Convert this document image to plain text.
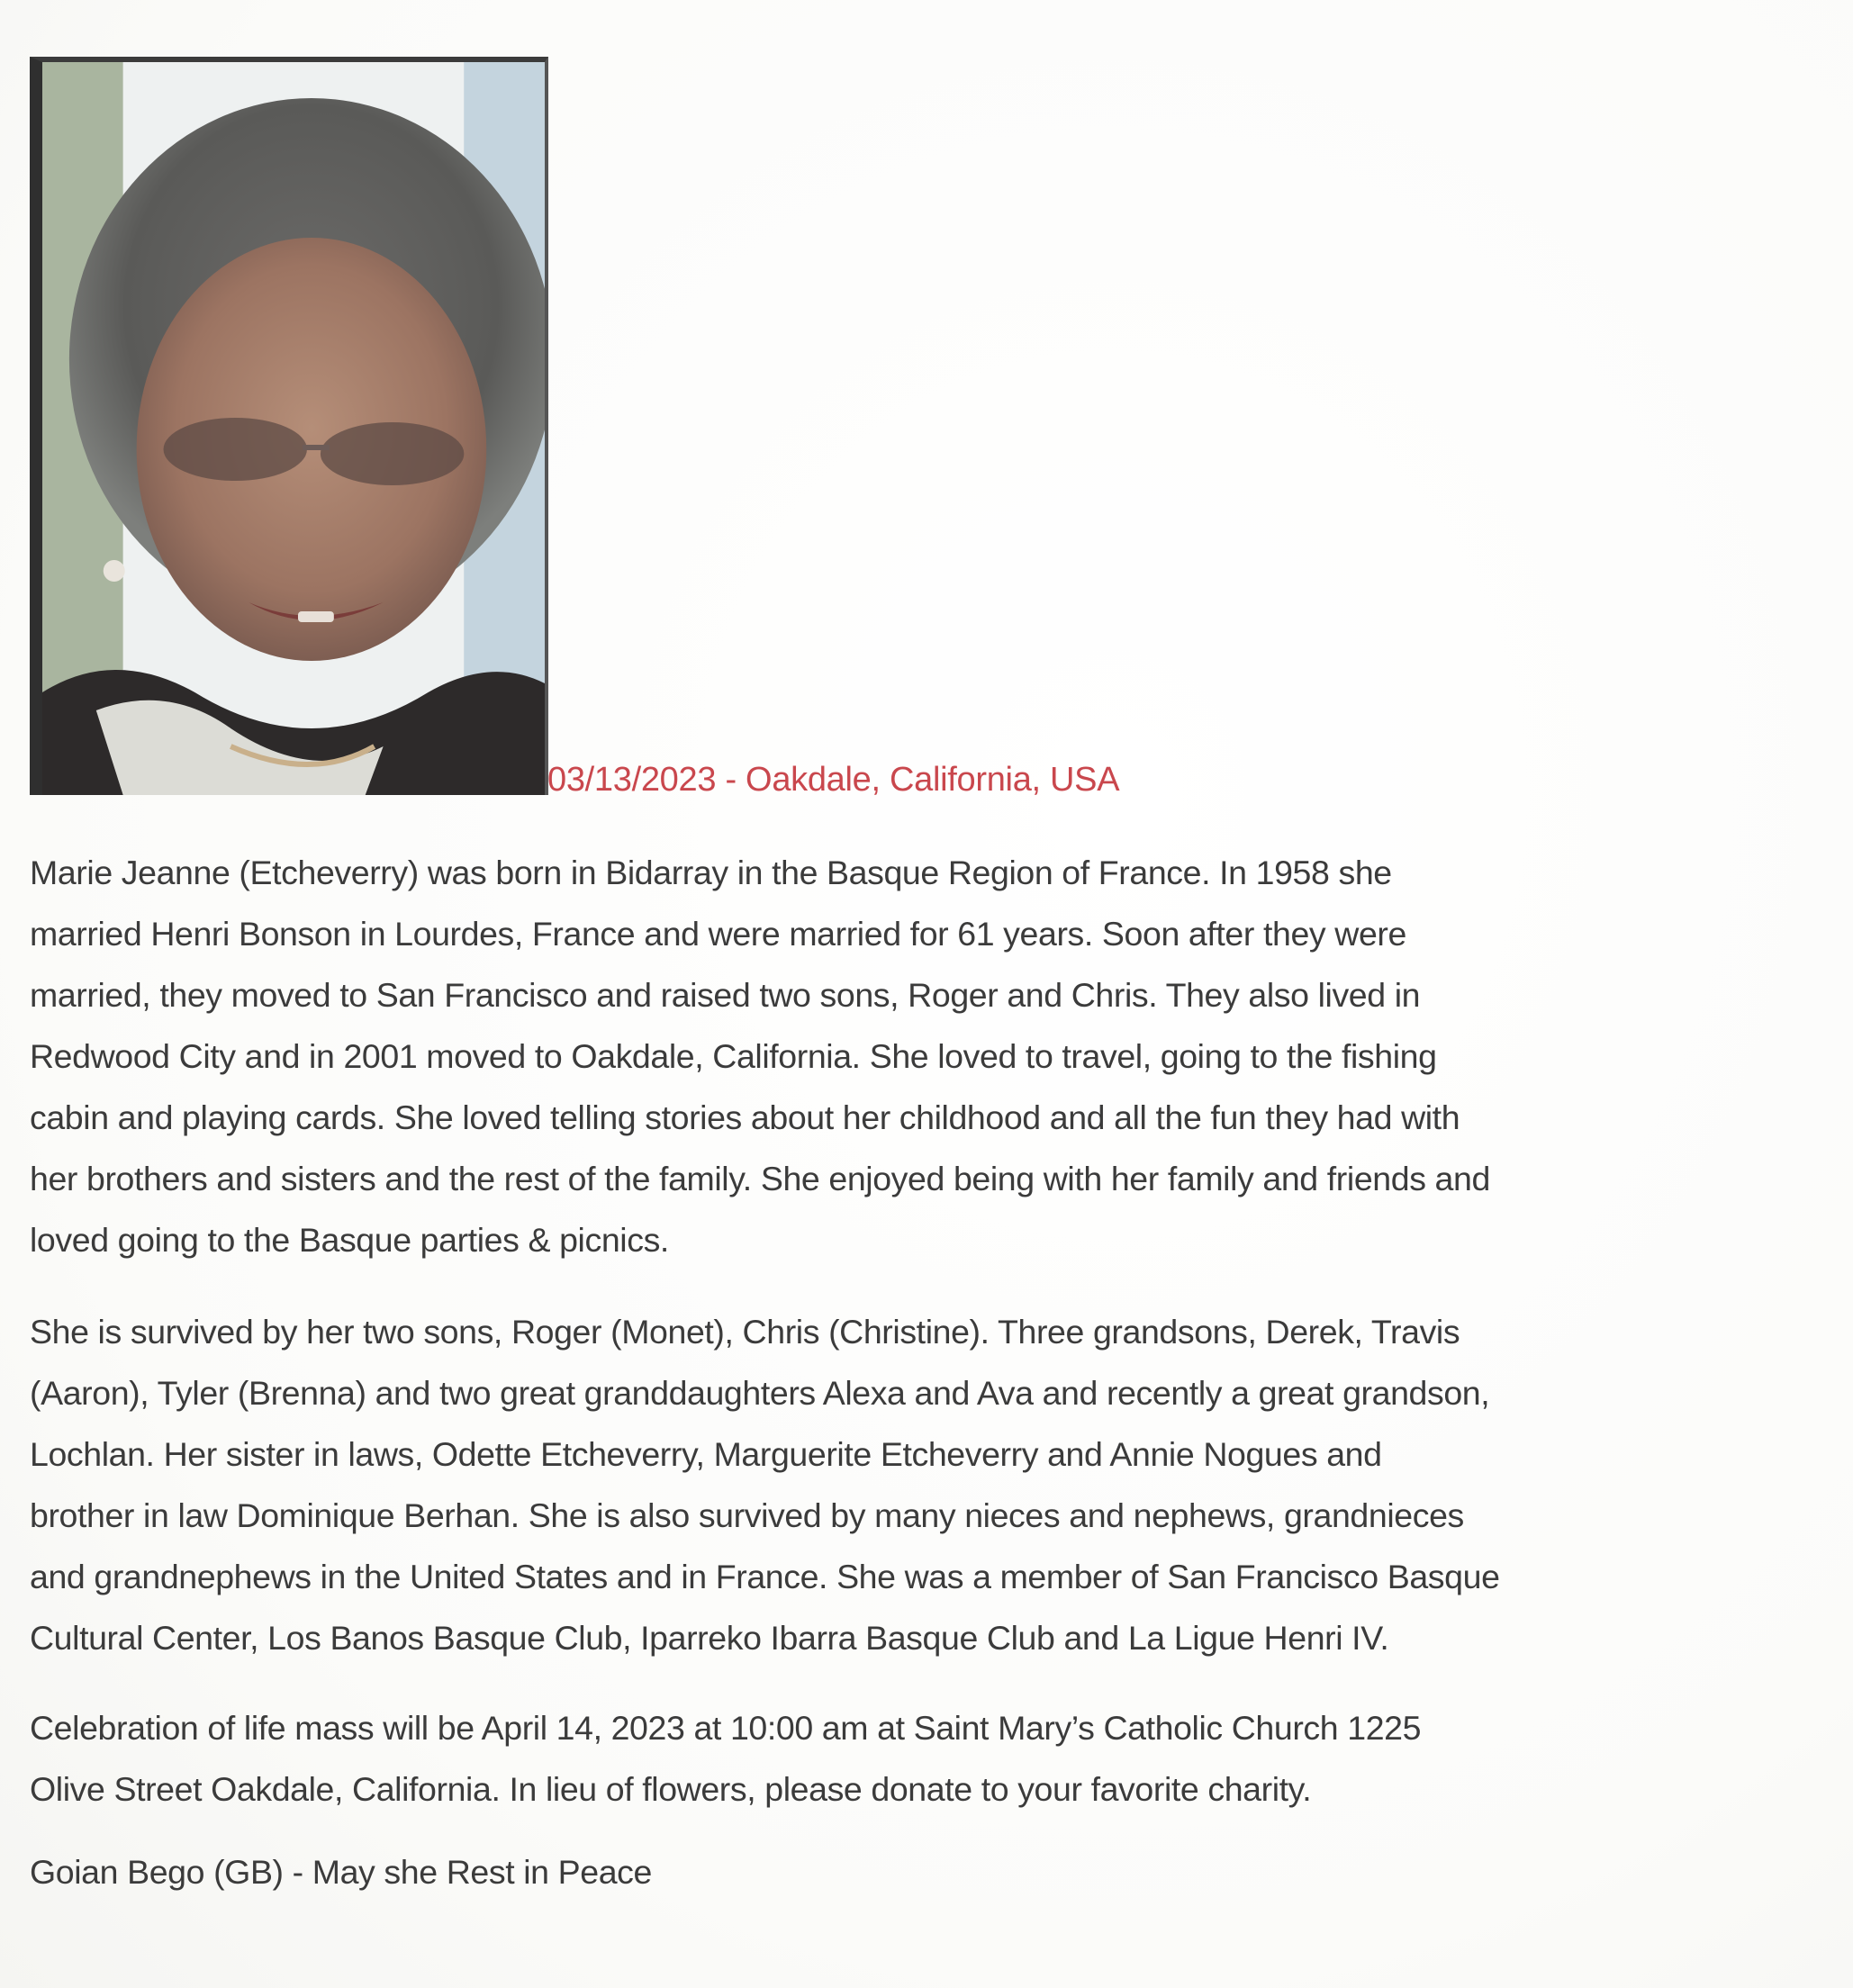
03/13/2023 - Oakdale, California, USA
Marie Jeanne (Etcheverry) was born in Bidarray in the Basque Region of France. In 1958 she
married Henri Bonson in Lourdes, France and were married for 61 years. Soon after they were
married, they moved to San Francisco and raised two sons, Roger and Chris. They also lived in
Redwood City and in 2001 moved to Oakdale, California. She loved to travel, going to the fishing
cabin and playing cards. She loved telling stories about her childhood and all the fun they had with
her brothers and sisters and the rest of the family. She enjoyed being with her family and friends and
loved going to the Basque parties & picnics.
She is survived by her two sons, Roger (Monet), Chris (Christine). Three grandsons, Derek, Travis
(Aaron), Tyler (Brenna) and two great granddaughters Alexa and Ava and recently a great grandson,
Lochlan. Her sister in laws, Odette Etcheverry, Marguerite Etcheverry and Annie Nogues and
brother in law Dominique Berhan. She is also survived by many nieces and nephews, grandnieces
and grandnephews in the United States and in France. She was a member of San Francisco Basque
Cultural Center, Los Banos Basque Club, Iparreko Ibarra Basque Club and La Ligue Henri IV.
Celebration of life mass will be April 14, 2023 at 10:00 am at Saint Mary’s Catholic Church 1225
Olive Street Oakdale, California. In lieu of flowers, please donate to your favorite charity.
Goian Bego (GB) - May she Rest in Peace
